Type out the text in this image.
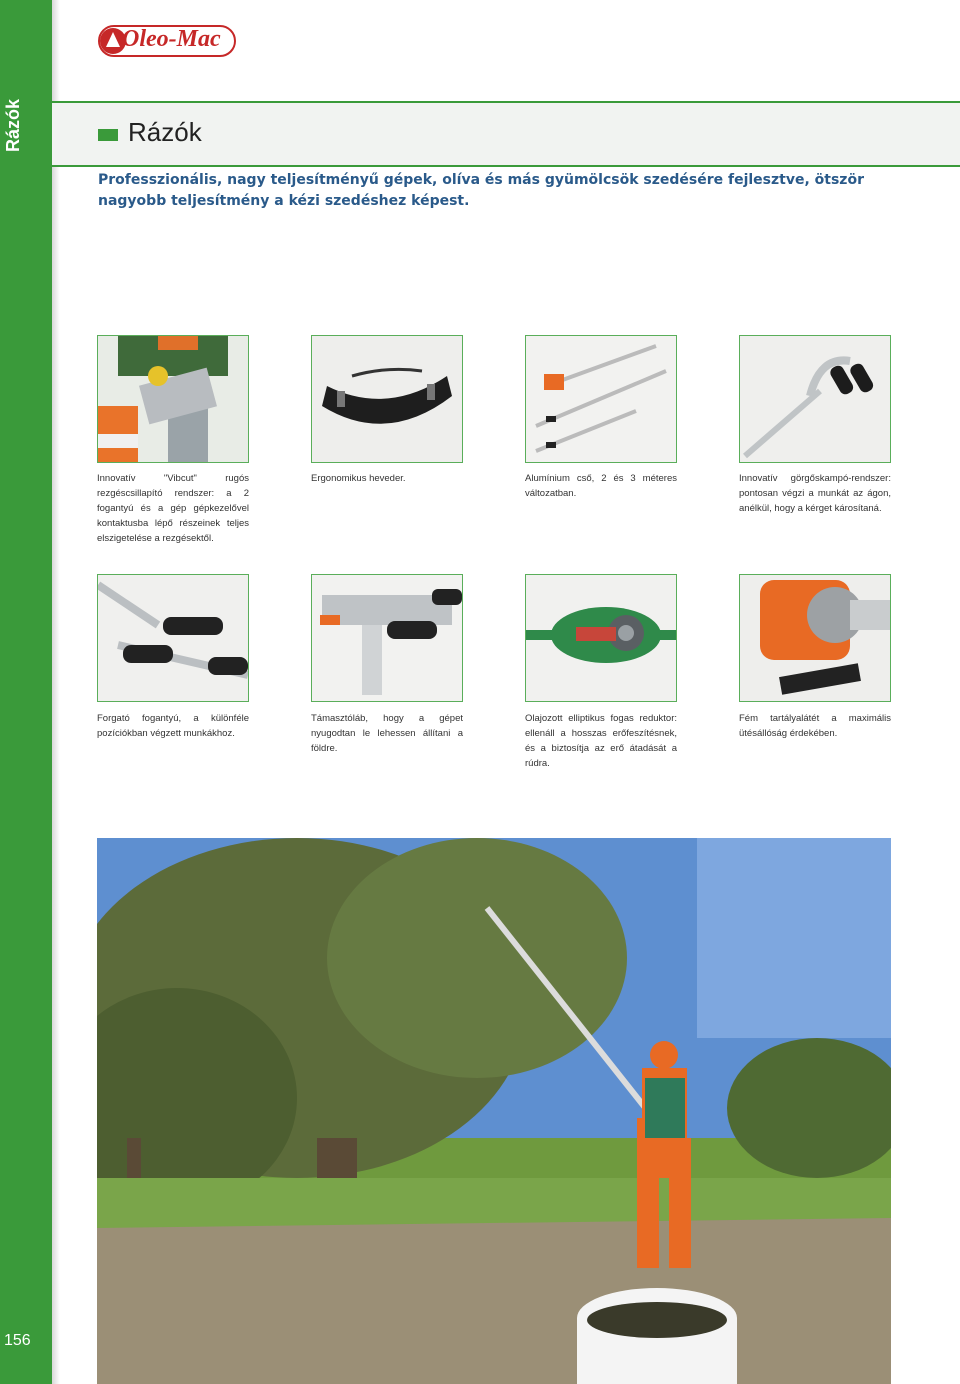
Rázók
156
Oleo-Mac
Rázók

Professzionális, nagy teljesítményű gépek, olíva és más gyümölcsök szedésére fejlesztve, ötször nagyobb teljesítmény a kézi szedéshez képest.

Innovatív "Vibcut" rugós rezgéscsillapító rendszer: a 2 fogantyú és a gép gépkezelővel kontaktusba lépő részeinek teljes elszigetelése a rezgésektől.
Ergonomikus heveder.	Alumínium cső, 2 és 3 méteres változatban.
Innovatív görgőskampó-rendszer: pontosan végzi a munkát az ágon, anélkül, hogy a kérget károsítaná.
Forgató fogantyú, a különféle pozíciókban végzett munkákhoz.
Támasztóláb, hogy a gépet nyugodtan le lehessen állítani a földre.
Olajozott elliptikus fogas reduktor: ellenáll a hosszas erőfeszítésnek, és a biztosítja az erő átadását a rúdra.
Fém tartályalátét a maximális ütésállóság érdekében.
